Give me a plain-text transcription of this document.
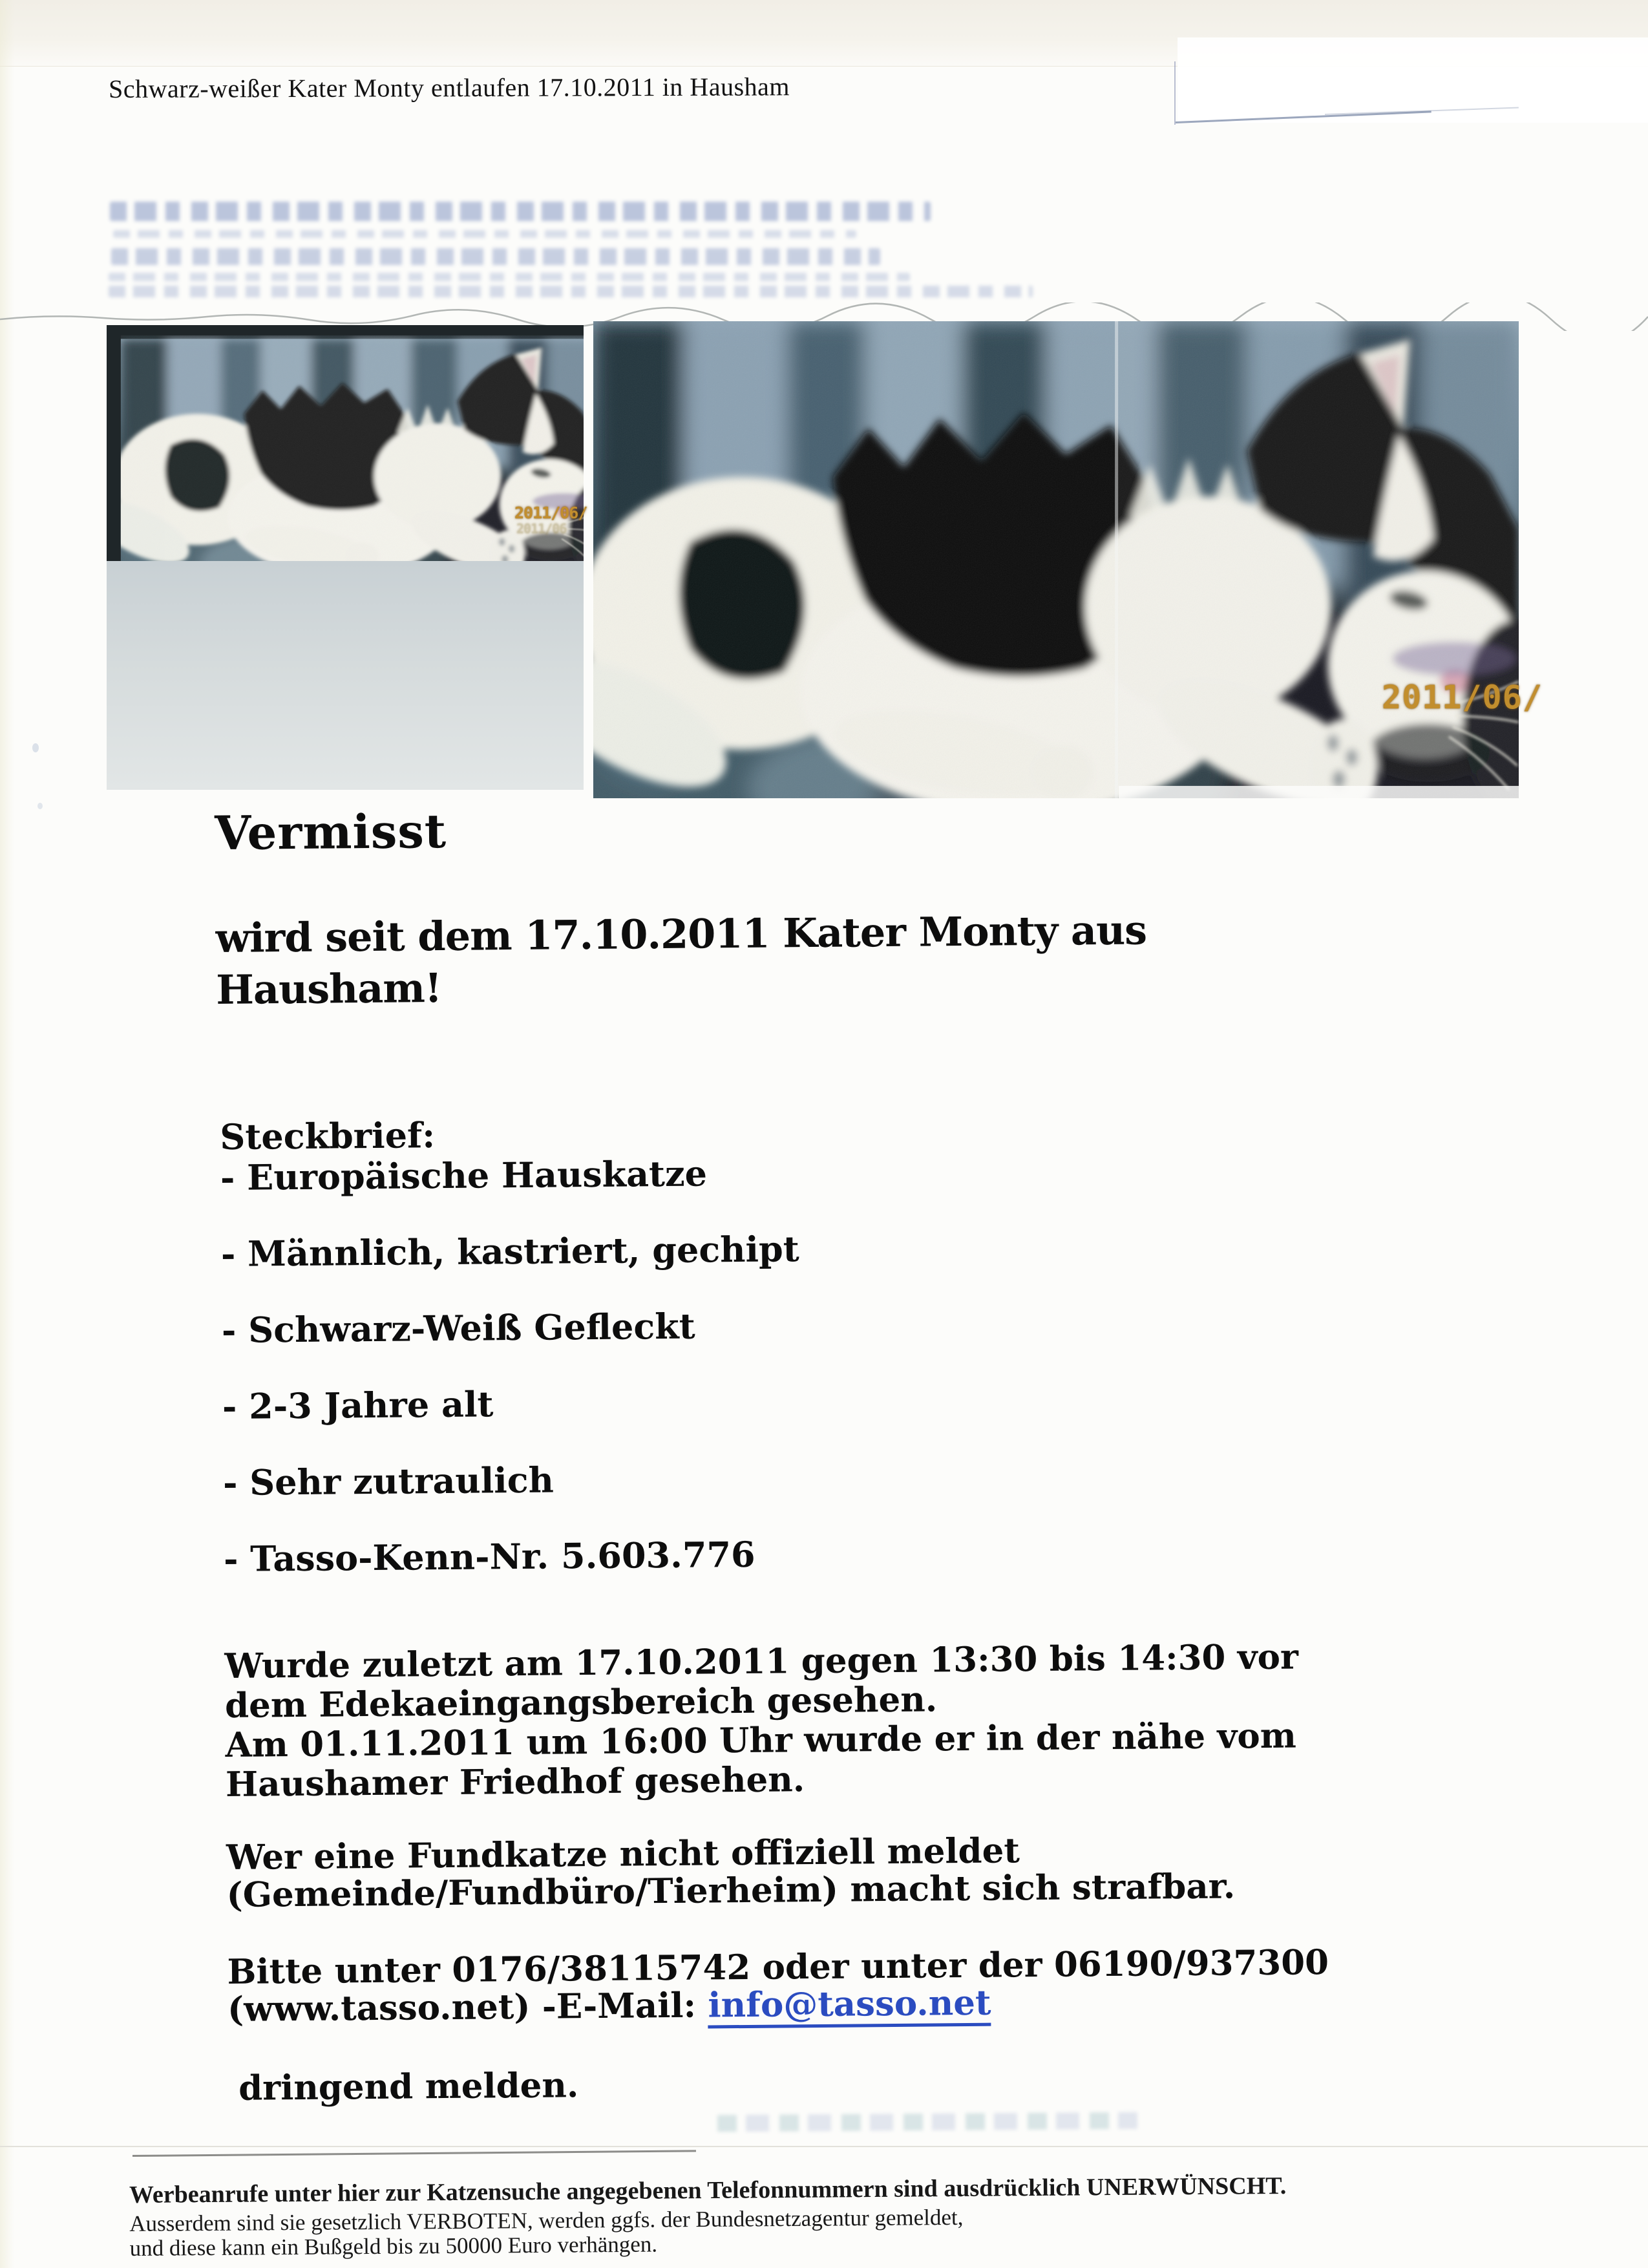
Schwarz-weißer Kater Monty entlaufen 17.10.2011 in Hausham
2011/06/
2011/06
2011/06/
Vermisst
wird seit dem 17.10.2011 Kater Monty aus
Hausham!
Steckbrief:
- Europäische Hauskatze
- Männlich, kastriert, gechipt
- Schwarz-Weiß Gefleckt
- 2-3 Jahre alt
- Sehr zutraulich
- Tasso-Kenn-Nr. 5.603.776
Wurde zuletzt am 17.10.2011 gegen 13:30 bis 14:30 vor
dem Edekaeingangsbereich gesehen.
Am 01.11.2011 um 16:00 Uhr wurde er in der nähe vom
Haushamer Friedhof gesehen.
Wer eine Fundkatze nicht offiziell meldet
(Gemeinde/Fundbüro/Tierheim) macht sich strafbar.
Bitte unter 0176/38115742 oder unter der 06190/937300
(www.tasso.net) -E-Mail: info@tasso.net
dringend melden.
Werbeanrufe unter hier zur Katzensuche angegebenen Telefonnummern sind ausdrücklich UNERWÜNSCHT.
Ausserdem sind sie gesetzlich VERBOTEN, werden ggfs. der Bundesnetzagentur gemeldet,
und diese kann ein Bußgeld bis zu 50000 Euro verhängen.
